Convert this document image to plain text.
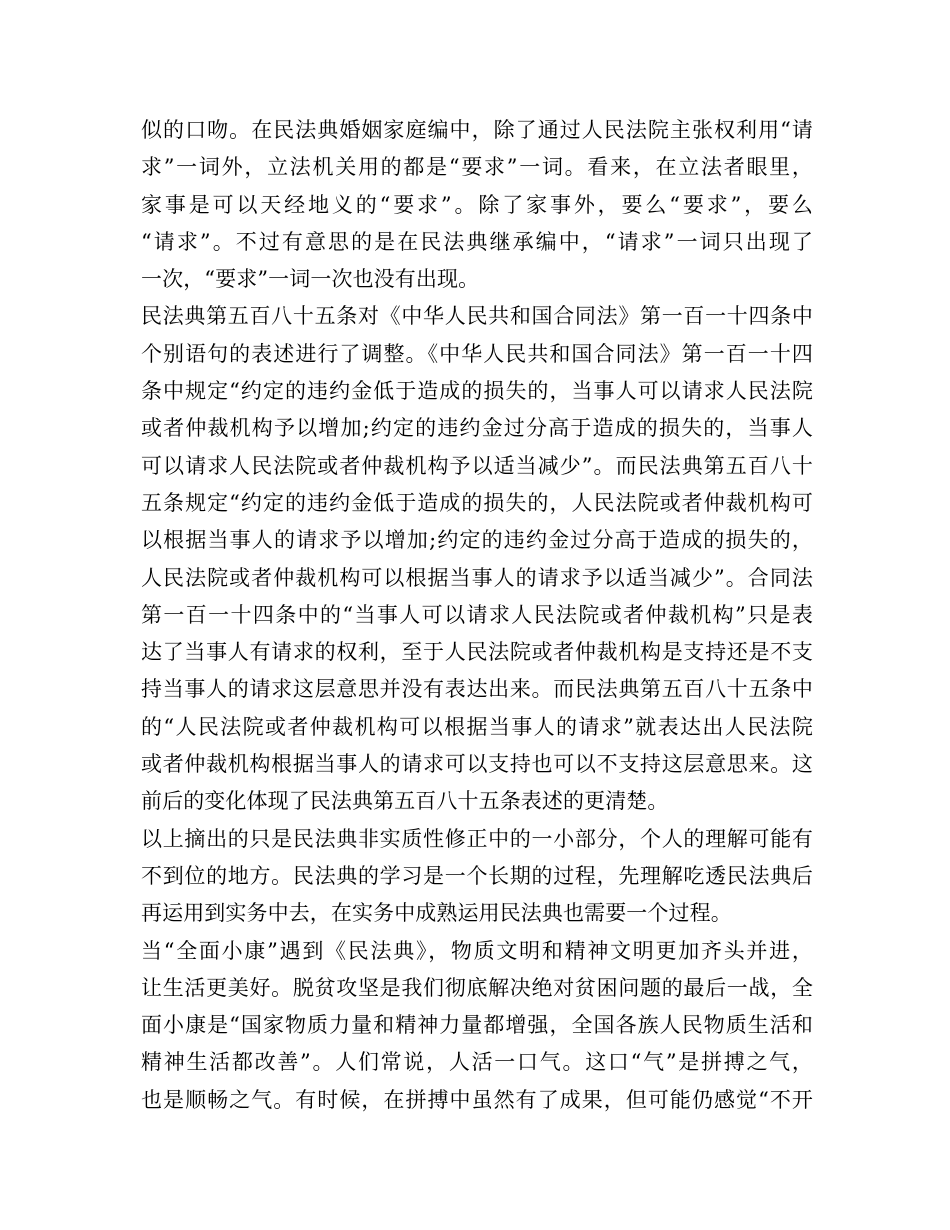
似的口吻。在民法典婚姻家庭编中，除了通过人民法院主张权利用“请
求”一词外，立法机关用的都是“要求”一词。看来，在立法者眼里，
家事是可以天经地义的“要求”。除了家事外，要么“要求”，要么
“请求”。不过有意思的是在民法典继承编中，“请求”一词只出现了
一次，“要求”一词一次也没有出现。
民法典第五百八十五条对《中华人民共和国合同法》第一百一十四条中
个别语句的表述进行了调整。《中华人民共和国合同法》第一百一十四
条中规定“约定的违约金低于造成的损失的，当事人可以请求人民法院
或者仲裁机构予以增加;约定的违约金过分高于造成的损失的，当事人
可以请求人民法院或者仲裁机构予以适当减少”。而民法典第五百八十
五条规定“约定的违约金低于造成的损失的，人民法院或者仲裁机构可
以根据当事人的请求予以增加;约定的违约金过分高于造成的损失的，
人民法院或者仲裁机构可以根据当事人的请求予以适当减少”。合同法
第一百一十四条中的“当事人可以请求人民法院或者仲裁机构”只是表
达了当事人有请求的权利，至于人民法院或者仲裁机构是支持还是不支
持当事人的请求这层意思并没有表达出来。而民法典第五百八十五条中
的“人民法院或者仲裁机构可以根据当事人的请求”就表达出人民法院
或者仲裁机构根据当事人的请求可以支持也可以不支持这层意思来。这
前后的变化体现了民法典第五百八十五条表述的更清楚。
以上摘出的只是民法典非实质性修正中的一小部分，个人的理解可能有
不到位的地方。民法典的学习是一个长期的过程，先理解吃透民法典后
再运用到实务中去，在实务中成熟运用民法典也需要一个过程。
当“全面小康”遇到《民法典》，物质文明和精神文明更加齐头并进，
让生活更美好。脱贫攻坚是我们彻底解决绝对贫困问题的最后一战，全
面小康是“国家物质力量和精神力量都增强，全国各族人民物质生活和
精神生活都改善”。人们常说，人活一口气。这口“气”是拼搏之气，
也是顺畅之气。有时候，在拼搏中虽然有了成果，但可能仍感觉“不开
